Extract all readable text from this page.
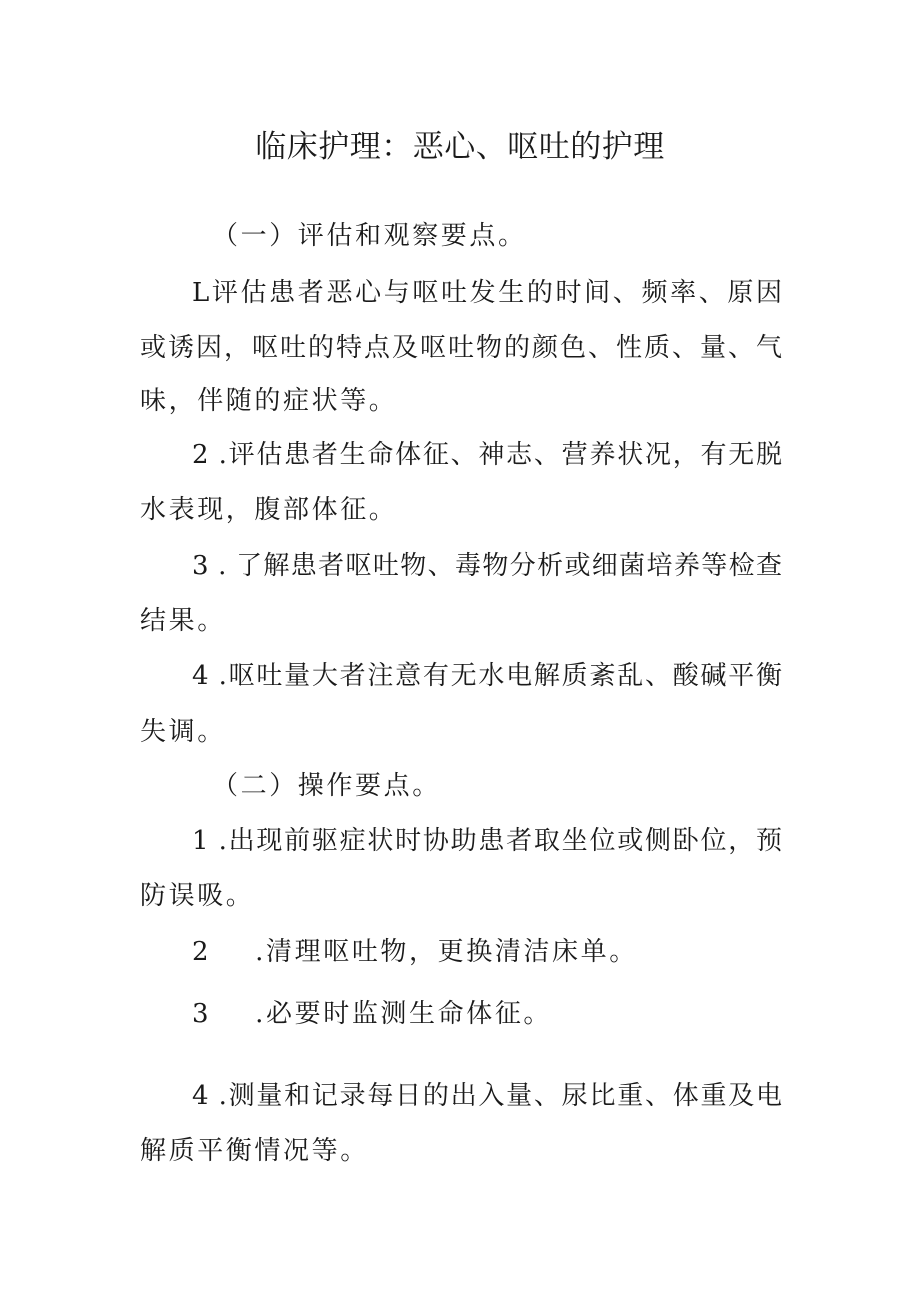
临床护理：恶心、呕吐的护理

（一）评估和观察要点。

L评估患者恶心与呕吐发生的时间、频率、原因

或诱因，呕吐的特点及呕吐物的颜色、性质、量、气

味，伴随的症状等。

2 .评估患者生命体征、神志、营养状况，有无脱

水表现，腹部体征。

3 . 了解患者呕吐物、毒物分析或细菌培养等检查

结果。

4 .呕吐量大者注意有无水电解质紊乱、酸碱平衡

失调。

（二）操作要点。

1 .出现前驱症状时协助患者取坐位或侧卧位，预

防误吸。

2 .清理呕吐物，更换清洁床单。

3 .必要时监测生命体征。

4 .测量和记录每日的出入量、尿比重、体重及电

解质平衡情况等。
